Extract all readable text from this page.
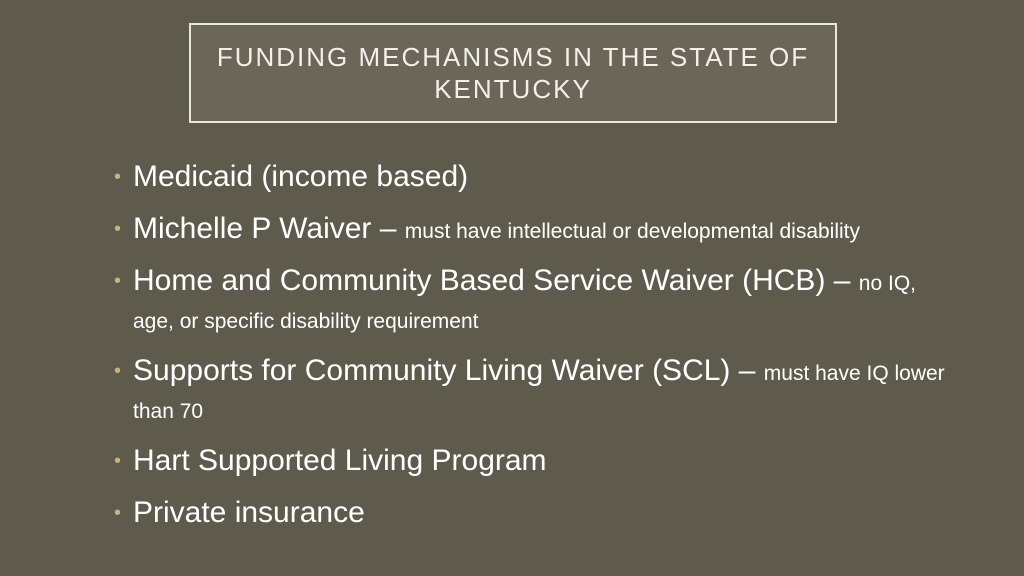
FUNDING MECHANISMS IN THE STATE OF KENTUCKY
• Medicaid (income based)
• Michelle P Waiver – must have intellectual or developmental disability
• Home and Community Based Service Waiver (HCB) – no IQ, age, or specific disability requirement
• Supports for Community Living Waiver (SCL) – must have IQ lower than 70
• Hart Supported Living Program
• Private insurance
